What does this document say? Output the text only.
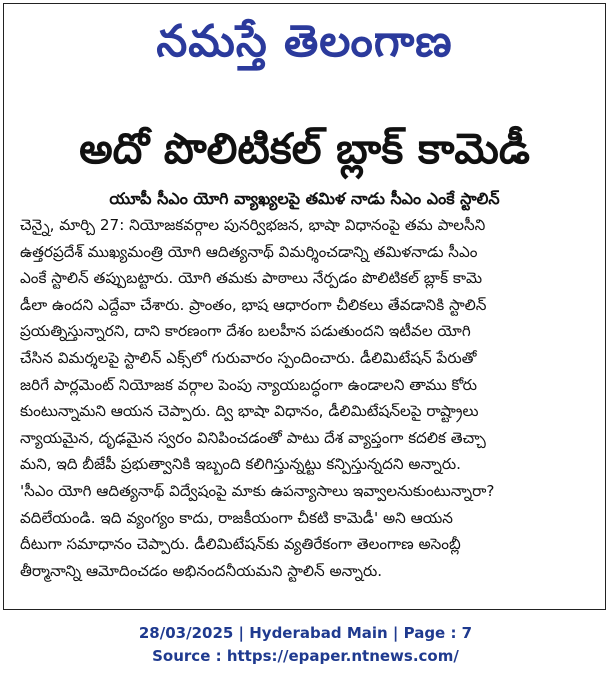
నమస్తే తెలంగాణ
అదో పొలిటికల్ బ్లాక్ కామెడీ
యూపీ సీఎం యోగి వ్యాఖ్యలపై తమిళ నాడు సీఎం ఎంకే స్టాలిన్
చెన్నై, మార్చి 27: నియోజకవర్గాల పునర్విభజన, భాషా విధానంపై తమ పాలసీని
ఉత్తరప్రదేశ్ ముఖ్యమంత్రి యోగి ఆదిత్యనాథ్ విమర్శించడాన్ని తమిళనాడు సీఎం
ఎంకే స్టాలిన్ తప్పుబట్టారు. యోగి తమకు పాఠాలు నేర్పడం పొలిటికల్ బ్లాక్ కామె
డీలా ఉందని ఎద్దేవా చేశారు. ప్రాంతం, భాష ఆధారంగా చీలికలు తేవడానికి స్టాలిన్
ప్రయత్నిస్తున్నారని, దాని కారణంగా దేశం బలహీన పడుతుందని ఇటీవల యోగి
చేసిన విమర్శలపై స్టాలిన్ ఎక్స్‌లో గురువారం స్పందించారు. డీలిమిటేషన్ పేరుతో
జరిగే పార్లమెంట్ నియోజక వర్గాల పెంపు న్యాయబద్ధంగా ఉండాలని తాము కోరు
కుంటున్నామని ఆయన చెప్పారు. ద్వి భాషా విధానం, డీలిమిటేషన్‌లపై రాష్ట్రాలు
న్యాయమైన, దృఢమైన స్వరం వినిపించడంతో పాటు దేశ వ్యాప్తంగా కదలిక తెచ్చా
మని, ఇది బీజేపీ ప్రభుత్వానికి ఇబ్బంది కలిగిస్తున్నట్టు కన్పిస్తున్నదని అన్నారు.
'సీఎం యోగి ఆదిత్యనాథ్ విద్వేషంపై మాకు ఉపన్యాసాలు ఇవ్వాలనుకుంటున్నారా?
వదిలేయండి. ఇది వ్యంగ్యం కాదు, రాజకీయంగా చీకటి కామెడీ' అని ఆయన
దీటుగా సమాధానం చెప్పారు. డీలిమిటేషన్‌కు వ్యతిరేకంగా తెలంగాణ అసెంబ్లీ
తీర్మానాన్ని ఆమోదించడం అభినందనీయమని స్టాలిన్ అన్నారు.
28/03/2025 | Hyderabad Main | Page : 7
Source : https://epaper.ntnews.com/
